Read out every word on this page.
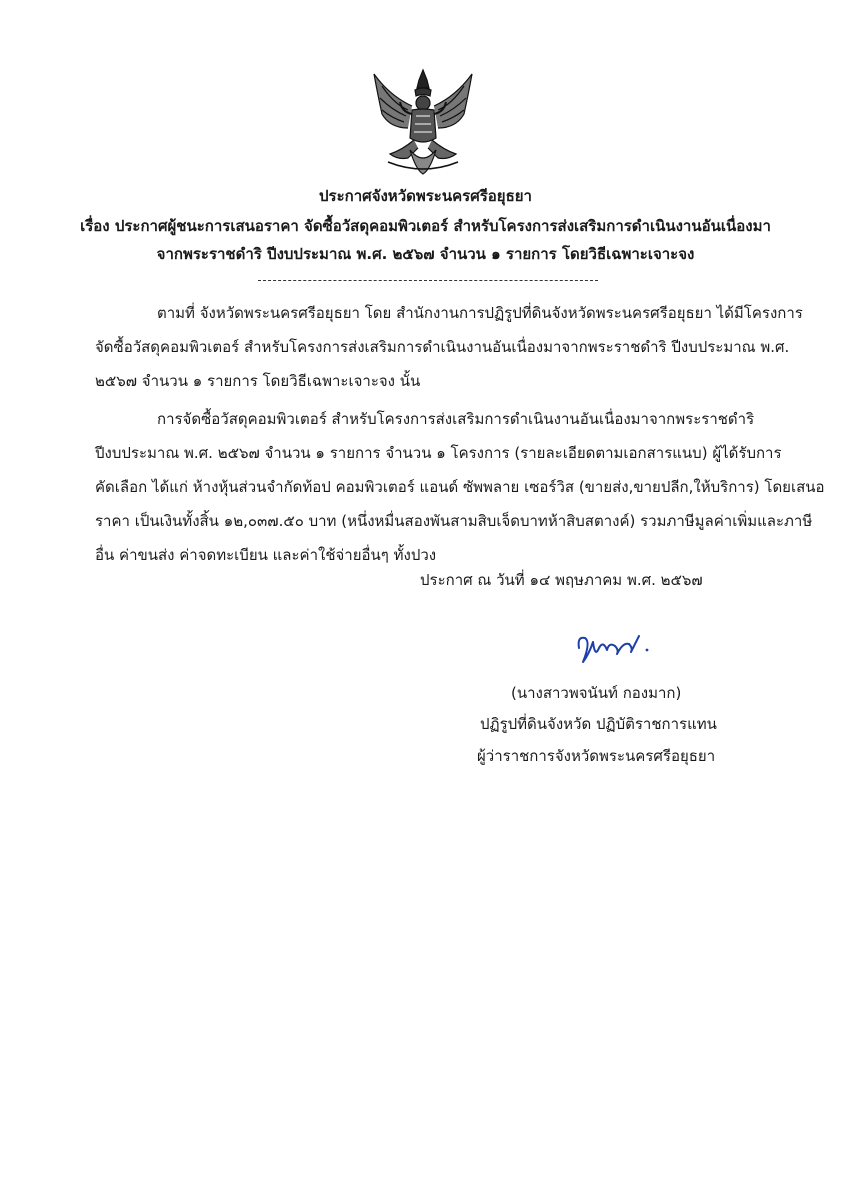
ประกาศจังหวัดพระนครศรีอยุธยา
เรื่อง ประกาศผู้ชนะการเสนอราคา จัดซื้อวัสดุคอมพิวเตอร์ สำหรับโครงการส่งเสริมการดำเนินงานอันเนื่องมา
จากพระราชดำริ ปีงบประมาณ พ.ศ. ๒๕๖๗ จำนวน ๑ รายการ โดยวิธีเฉพาะเจาะจง
ตามที่ จังหวัดพระนครศรีอยุธยา โดย สำนักงานการปฏิรูปที่ดินจังหวัดพระนครศรีอยุธยา ได้มีโครงการ
จัดซื้อวัสดุคอมพิวเตอร์ สำหรับโครงการส่งเสริมการดำเนินงานอันเนื่องมาจากพระราชดำริ ปีงบประมาณ พ.ศ.
๒๕๖๗ จำนวน ๑ รายการ โดยวิธีเฉพาะเจาะจง นั้น
การจัดซื้อวัสดุคอมพิวเตอร์ สำหรับโครงการส่งเสริมการดำเนินงานอันเนื่องมาจากพระราชดำริ
ปีงบประมาณ พ.ศ. ๒๕๖๗ จำนวน ๑ รายการ จำนวน ๑ โครงการ (รายละเอียดตามเอกสารแนบ) ผู้ได้รับการ
คัดเลือก ได้แก่ ห้างหุ้นส่วนจำกัดท้อป คอมพิวเตอร์ แอนด์ ซัพพลาย เซอร์วิส (ขายส่ง,ขายปลีก,ให้บริการ) โดยเสนอ
ราคา เป็นเงินทั้งสิ้น ๑๒,๐๓๗.๕๐ บาท (หนึ่งหมื่นสองพันสามสิบเจ็ดบาทห้าสิบสตางค์) รวมภาษีมูลค่าเพิ่มและภาษี
อื่น ค่าขนส่ง ค่าจดทะเบียน และค่าใช้จ่ายอื่นๆ ทั้งปวง
ประกาศ ณ วันที่ ๑๔ พฤษภาคม พ.ศ. ๒๕๖๗
(นางสาวพจนันท์ กองมาก)
ปฏิรูปที่ดินจังหวัด ปฏิบัติราชการแทน
ผู้ว่าราชการจังหวัดพระนครศรีอยุธยา
